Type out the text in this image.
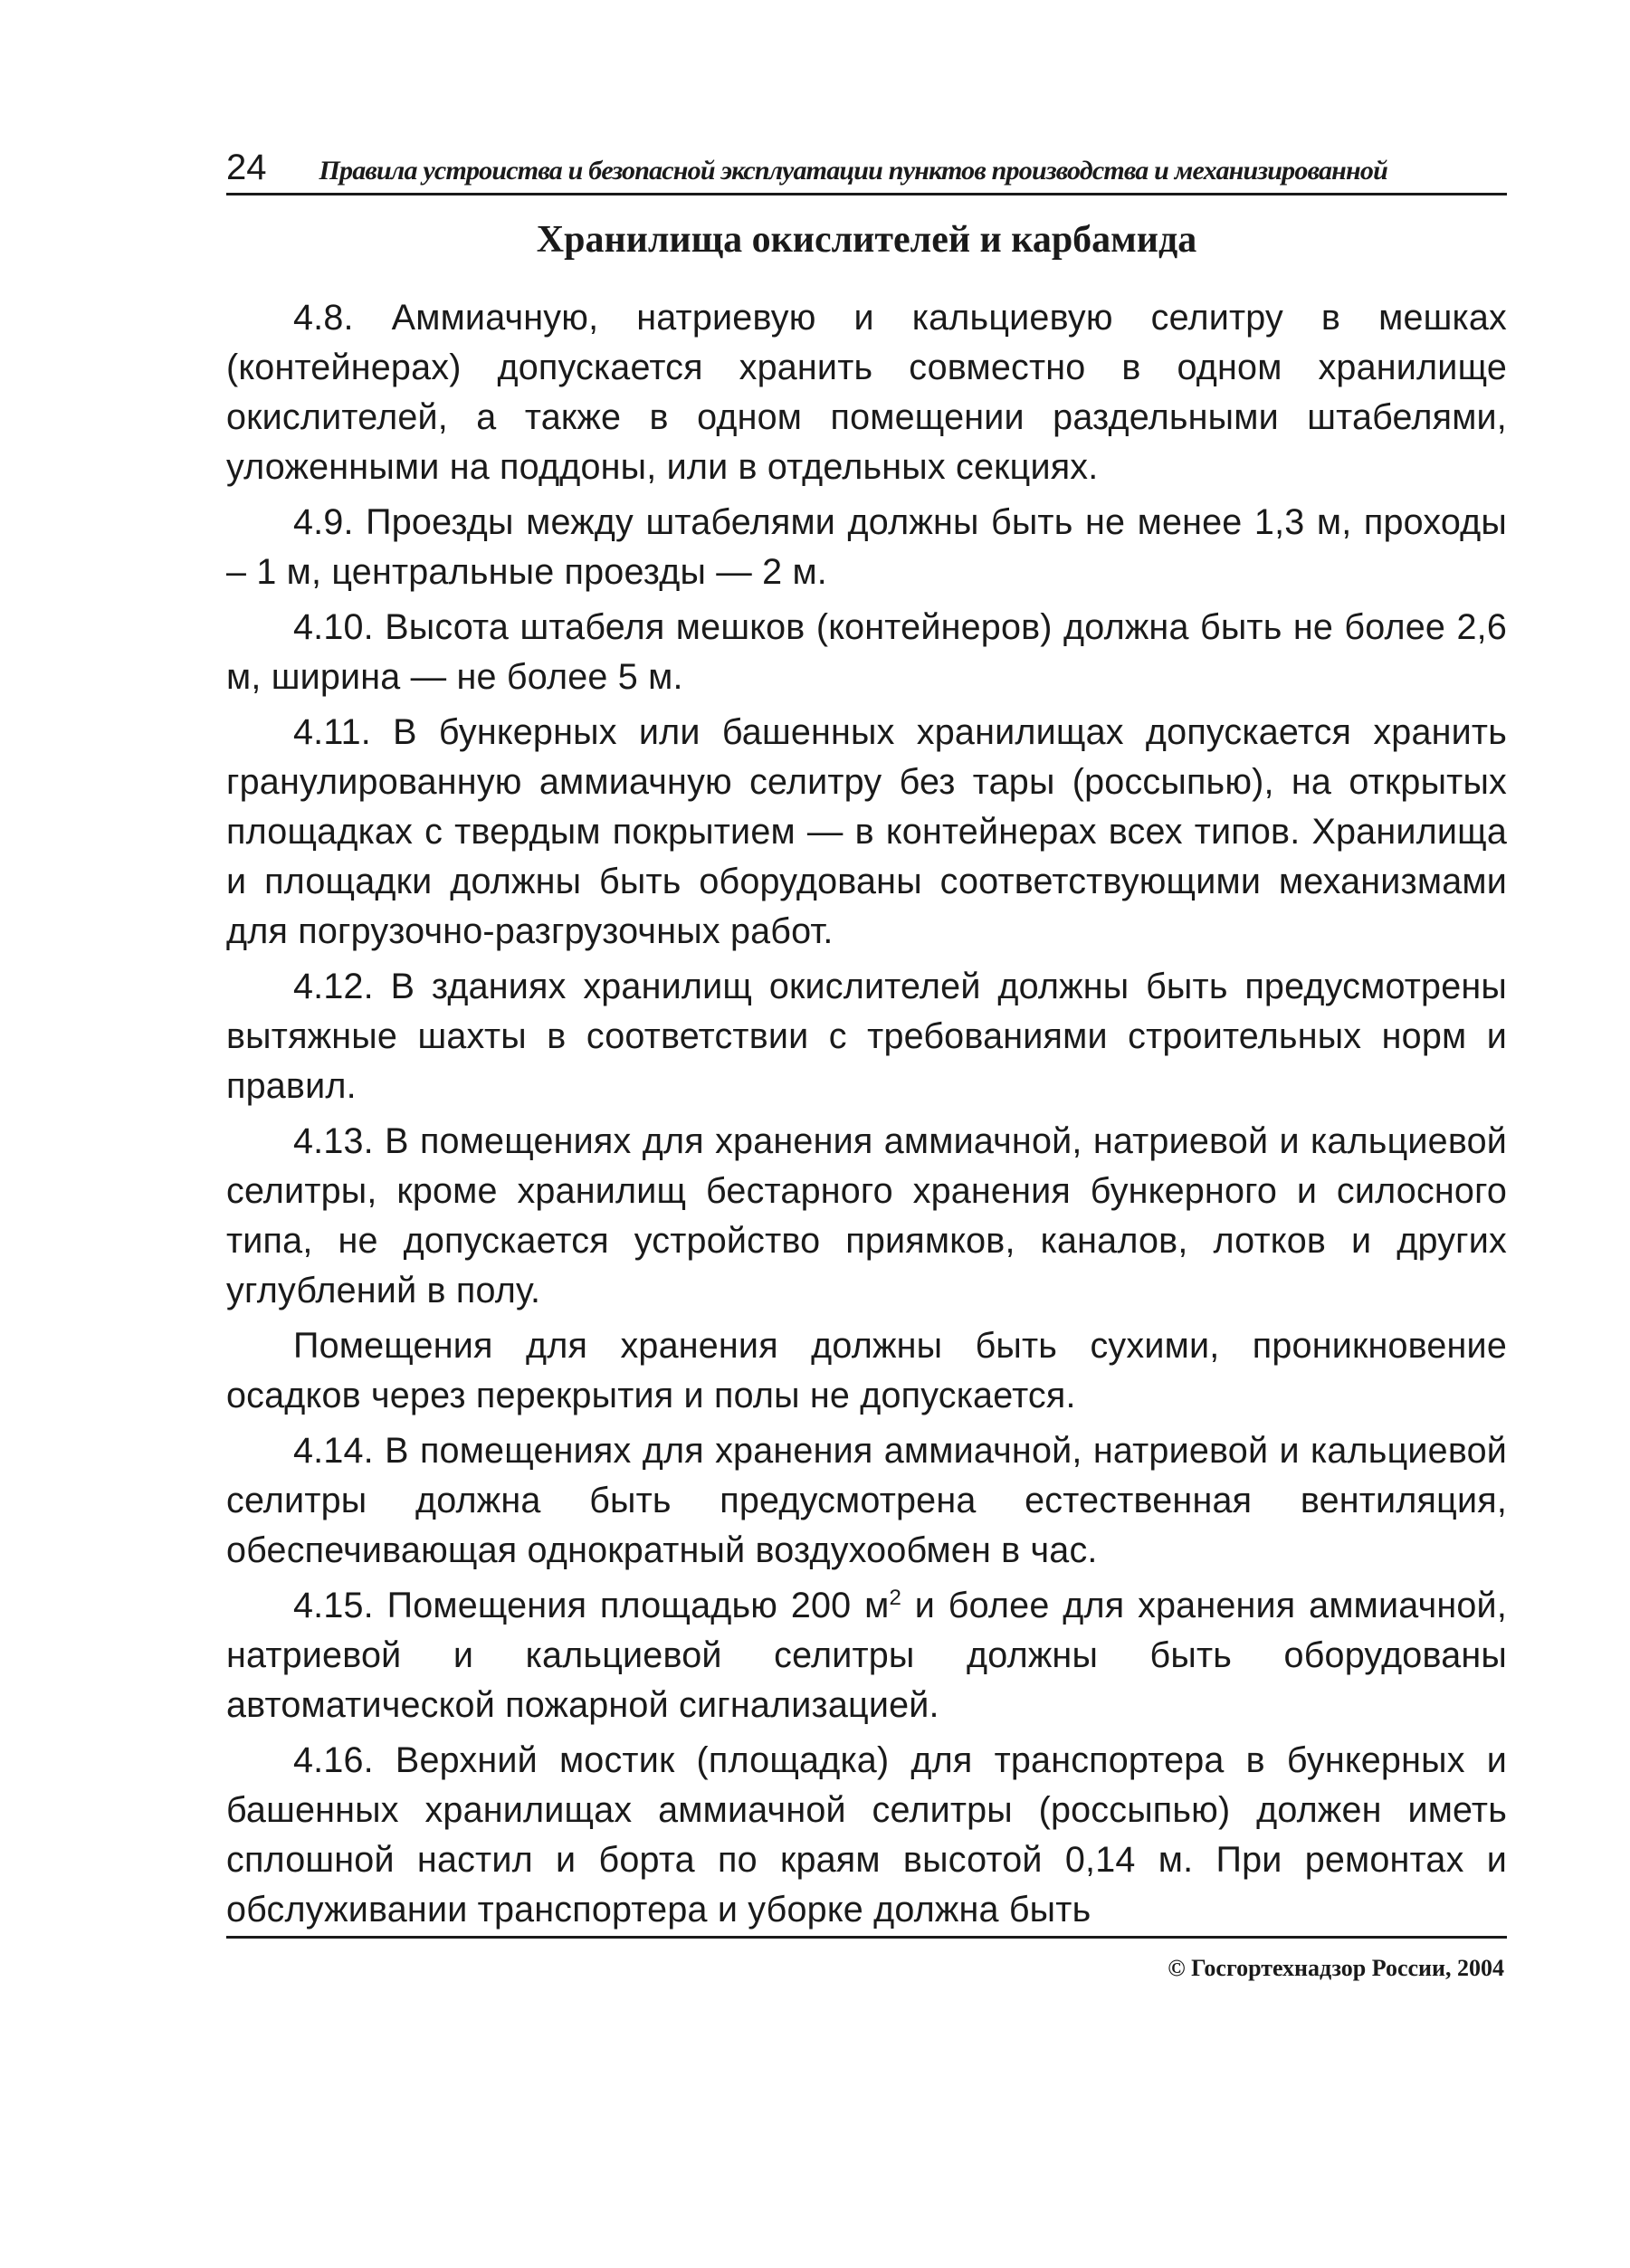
24 Правила устроиства и безопасной эксплуатации пунктов производства и механизированной
Хранилища окислителей и карбамида

4.8. Аммиачную, натриевую и кальциевую селитру в мешках (контейнерах) допускается хранить совместно в одном хранилище окислителей, а также в одном помещении раздельными штабелями, уложенными на поддоны, или в отдельных секциях.

4.9. Проезды между штабелями должны быть не менее 1,3 м, проходы – 1 м, центральные проезды — 2 м.

4.10. Высота штабеля мешков (контейнеров) должна быть не более 2,6 м, ширина — не более 5 м.

4.11. В бункерных или башенных хранилищах допускается хранить гранулированную аммиачную селитру без тары (россыпью), на открытых площадках с твердым покрытием — в контейнерах всех типов. Хранилища и площадки должны быть оборудованы соответствующими механизмами для погрузочно-разгрузочных работ.

4.12. В зданиях хранилищ окислителей должны быть предусмотрены вытяжные шахты в соответствии с требованиями строительных норм и правил.

4.13. В помещениях для хранения аммиачной, натриевой и кальциевой селитры, кроме хранилищ бестарного хранения бункерного и силосного типа, не допускается устройство приямков, каналов, лотков и других углублений в полу.

Помещения для хранения должны быть сухими, проникновение осадков через перекрытия и полы не допускается.

4.14. В помещениях для хранения аммиачной, натриевой и кальциевой селитры должна быть предусмотрена естественная вентиляция, обеспечивающая однократный воздухообмен в час.

4.15. Помещения площадью 200 $м^2$ и более для хранения аммиачной, натриевой и кальциевой селитры должны быть оборудованы автоматической пожарной сигнализацией.

4.16. Верхний мостик (площадка) для транспортера в бункерных и башенных хранилищах аммиачной селитры (россыпью) должен иметь сплошной настил и борта по краям высотой 0,14 м. При ремонтах и обслуживании транспортера и уборке должна быть

© Госгортехнадзор России, 2004
